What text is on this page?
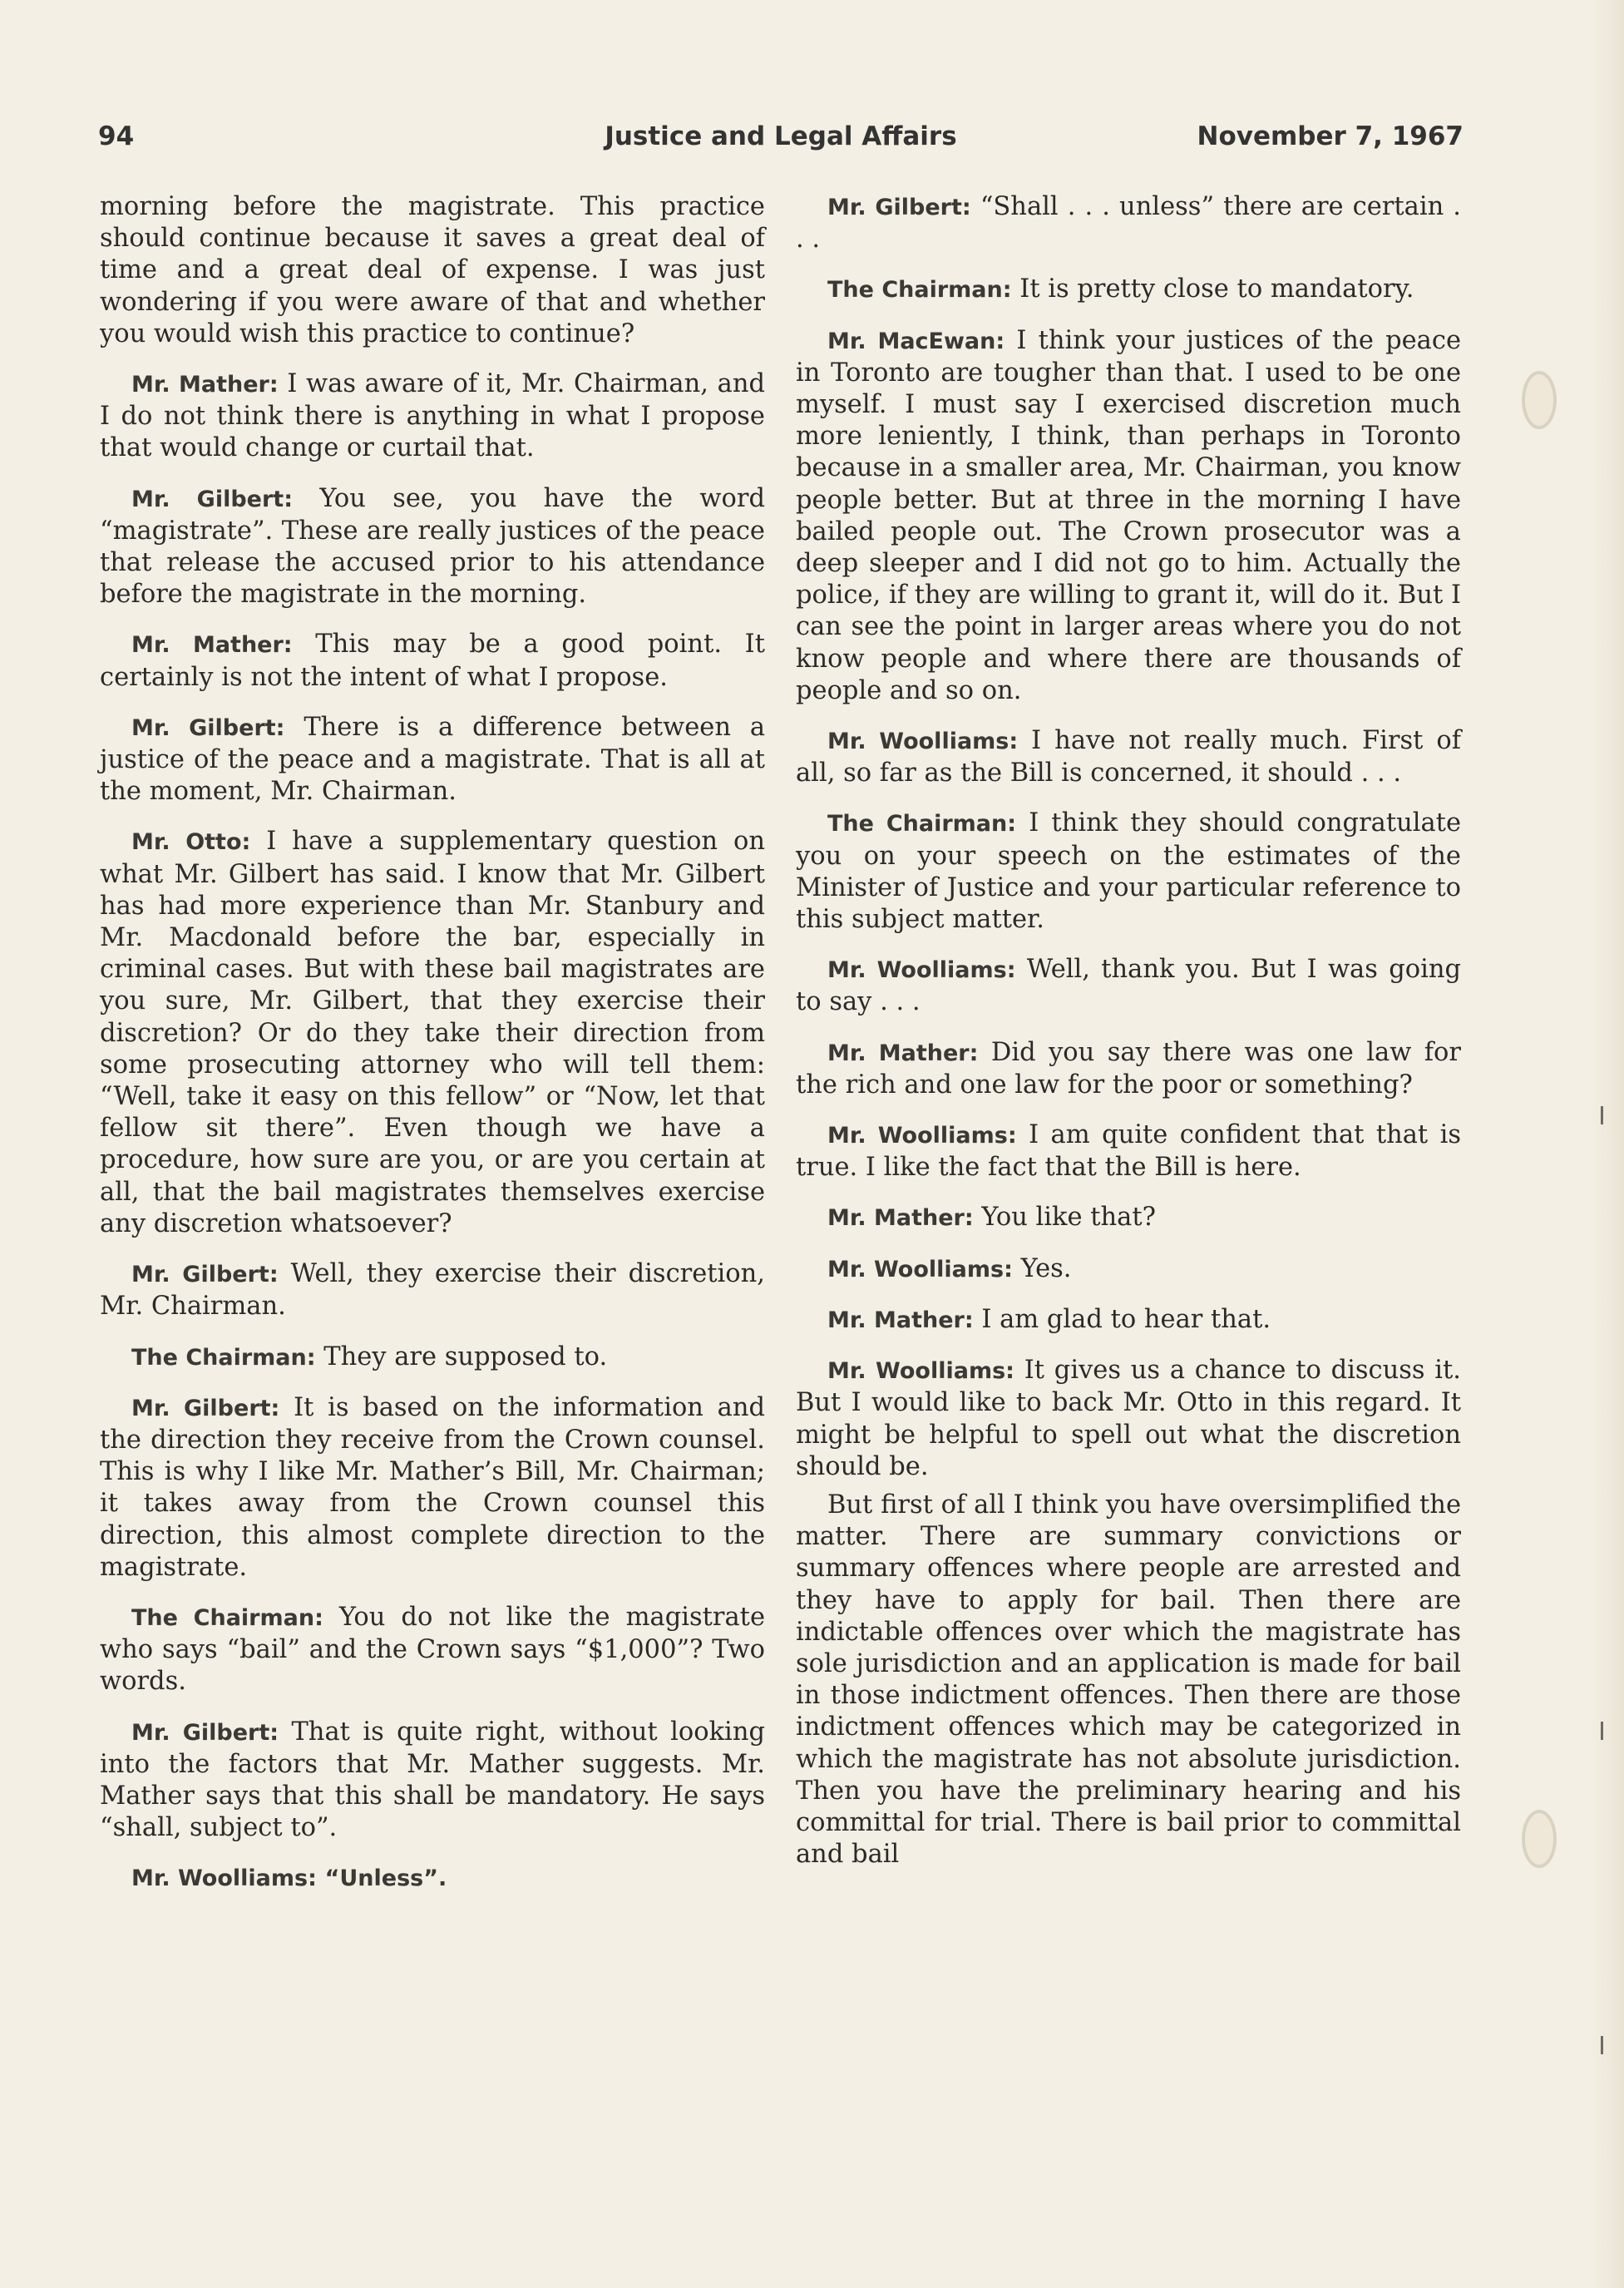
94	Justice and Legal Affairs	November 7, 1967

morning before the magistrate. This practice should continue because it saves a great deal of time and a great deal of expense. I was just wondering if you were aware of that and whether you would wish this practice to continue?

Mr. Mather: I was aware of it, Mr. Chairman, and I do not think there is anything in what I propose that would change or curtail that.

Mr. Gilbert: You see, you have the word “magistrate”. These are really justices of the peace that release the accused prior to his attendance before the magistrate in the morning.

Mr. Mather: This may be a good point. It certainly is not the intent of what I propose.

Mr. Gilbert: There is a difference between a justice of the peace and a magistrate. That is all at the moment, Mr. Chairman.

Mr. Otto: I have a supplementary question on what Mr. Gilbert has said. I know that Mr. Gilbert has had more experience than Mr. Stanbury and Mr. Macdonald before the bar, especially in criminal cases. But with these bail magistrates are you sure, Mr. Gilbert, that they exercise their discretion? Or do they take their direction from some prosecuting attorney who will tell them: “Well, take it easy on this fellow” or “Now, let that fellow sit there”. Even though we have a procedure, how sure are you, or are you certain at all, that the bail magistrates themselves exercise any discretion whatsoever?

Mr. Gilbert: Well, they exercise their discretion, Mr. Chairman.

The Chairman: They are supposed to.

Mr. Gilbert: It is based on the information and the direction they receive from the Crown counsel. This is why I like Mr. Mather’s Bill, Mr. Chairman; it takes away from the Crown counsel this direction, this almost complete direction to the magistrate.

The Chairman: You do not like the magistrate who says “bail” and the Crown says “$1,000”? Two words.

Mr. Gilbert: That is quite right, without looking into the factors that Mr. Mather suggests. Mr. Mather says that this shall be mandatory. He says “shall, subject to”.

Mr. Woolliams: “Unless”.

Mr. Gilbert: “Shall . . . unless” there are certain . . .

The Chairman: It is pretty close to mandatory.

Mr. MacEwan: I think your justices of the peace in Toronto are tougher than that. I used to be one myself. I must say I exercised discretion much more leniently, I think, than perhaps in Toronto because in a smaller area, Mr. Chairman, you know people better. But at three in the morning I have bailed people out. The Crown prosecutor was a deep sleeper and I did not go to him. Actually the police, if they are willing to grant it, will do it. But I can see the point in larger areas where you do not know people and where there are thousands of people and so on.

Mr. Woolliams: I have not really much. First of all, so far as the Bill is concerned, it should . . .

The Chairman: I think they should congratulate you on your speech on the estimates of the Minister of Justice and your particular reference to this subject matter.

Mr. Woolliams: Well, thank you. But I was going to say . . .

Mr. Mather: Did you say there was one law for the rich and one law for the poor or something?

Mr. Woolliams: I am quite confident that that is true. I like the fact that the Bill is here.

Mr. Mather: You like that?

Mr. Woolliams: Yes.

Mr. Mather: I am glad to hear that.

Mr. Woolliams: It gives us a chance to discuss it. But I would like to back Mr. Otto in this regard. It might be helpful to spell out what the discretion should be.

But first of all I think you have oversimplified the matter. There are summary convictions or summary offences where people are arrested and they have to apply for bail. Then there are indictable offences over which the magistrate has sole jurisdiction and an application is made for bail in those indictment offences. Then there are those indictment offences which may be categorized in which the magistrate has not absolute jurisdiction. Then you have the preliminary hearing and his committal for trial. There is bail prior to committal and bail
